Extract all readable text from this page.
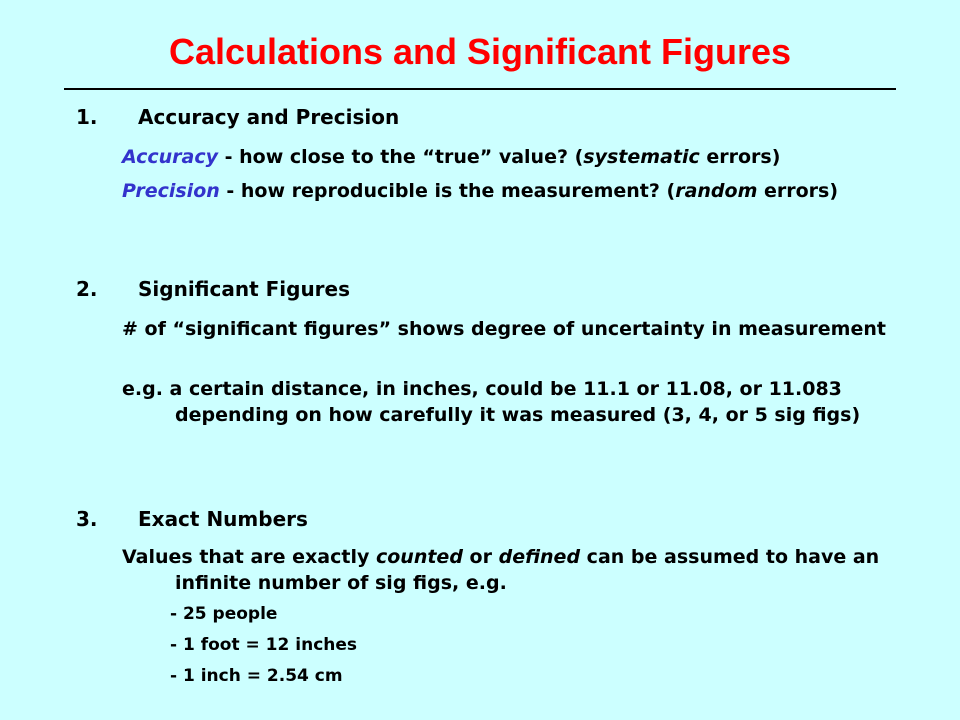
Calculations and Significant Figures
1. Accuracy and Precision
Accuracy - how close to the “true” value? (systematic errors)
Precision - how reproducible is the measurement? (random errors)
2. Significant Figures
# of “significant figures” shows degree of uncertainty in measurement
e.g. a certain distance, in inches, could be 11.1 or 11.08, or 11.083 depending on how carefully it was measured (3, 4, or 5 sig figs)
3. Exact Numbers
Values that are exactly counted or defined can be assumed to have an infinite number of sig figs, e.g.
- 25 people
- 1 foot = 12 inches
- 1 inch = 2.54 cm
